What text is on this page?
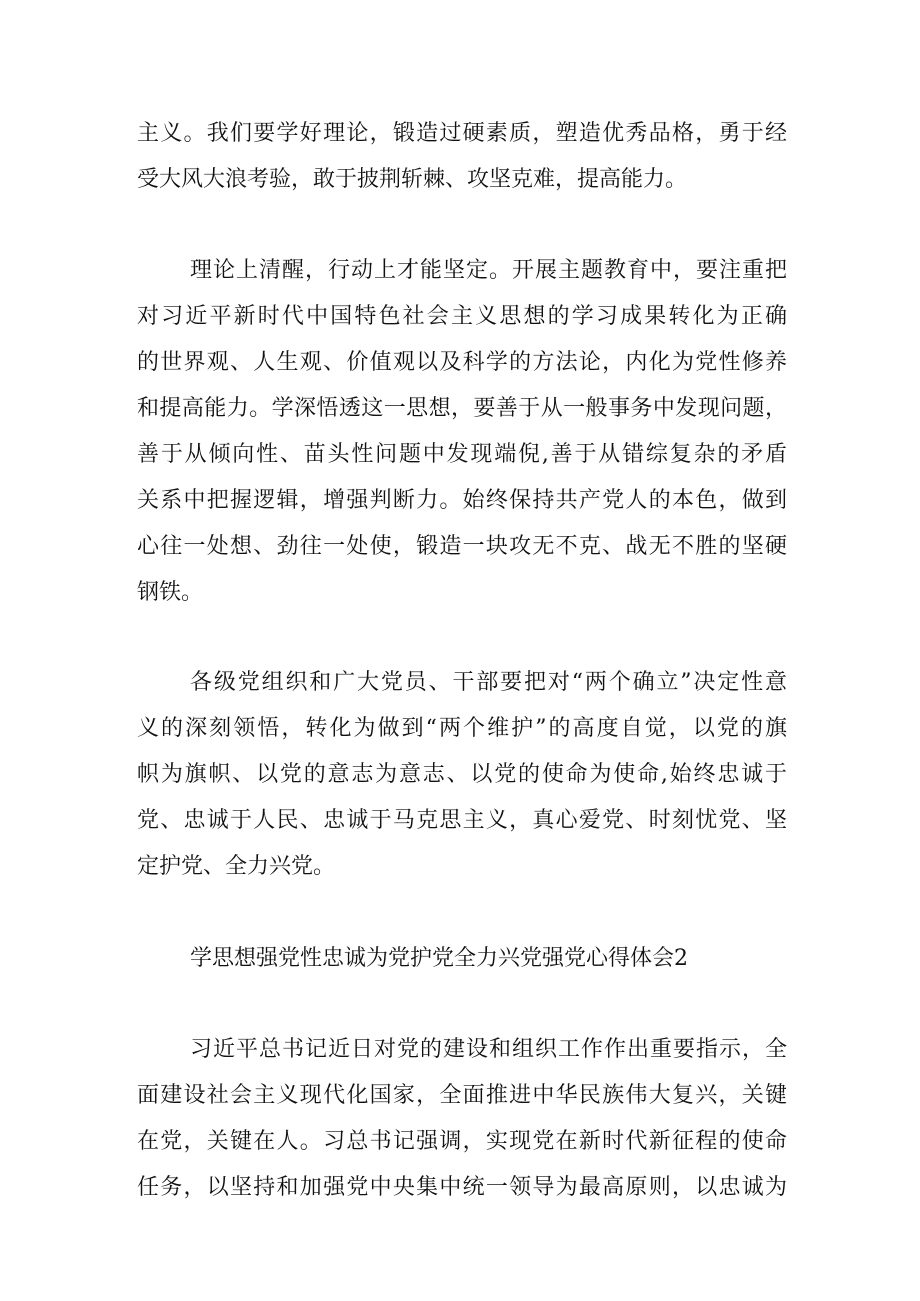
主义。我们要学好理论，锻造过硬素质，塑造优秀品格，勇于经
受大风大浪考验，敢于披荆斩棘、攻坚克难，提高能力。
理论上清醒，行动上才能坚定。开展主题教育中，要注重把
对习近平新时代中国特色社会主义思想的学习成果转化为正确
的世界观、人生观、价值观以及科学的方法论，内化为党性修养
和提高能力。学深悟透这一思想，要善于从一般事务中发现问题，
善于从倾向性、苗头性问题中发现端倪,善于从错综复杂的矛盾
关系中把握逻辑，增强判断力。始终保持共产党人的本色，做到
心往一处想、劲往一处使，锻造一块攻无不克、战无不胜的坚硬
钢铁。
各级党组织和广大党员、干部要把对“两个确立”决定性意
义的深刻领悟，转化为做到“两个维护”的高度自觉，以党的旗
帜为旗帜、以党的意志为意志、以党的使命为使命,始终忠诚于
党、忠诚于人民、忠诚于马克思主义，真心爱党、时刻忧党、坚
定护党、全力兴党。
学思想强党性忠诚为党护党全力兴党强党心得体会2
习近平总书记近日对党的建设和组织工作作出重要指示，全
面建设社会主义现代化国家，全面推进中华民族伟大复兴，关键
在党，关键在人。习总书记强调，实现党在新时代新征程的使命
任务，以坚持和加强党中央集中统一领导为最高原则，以忠诚为
